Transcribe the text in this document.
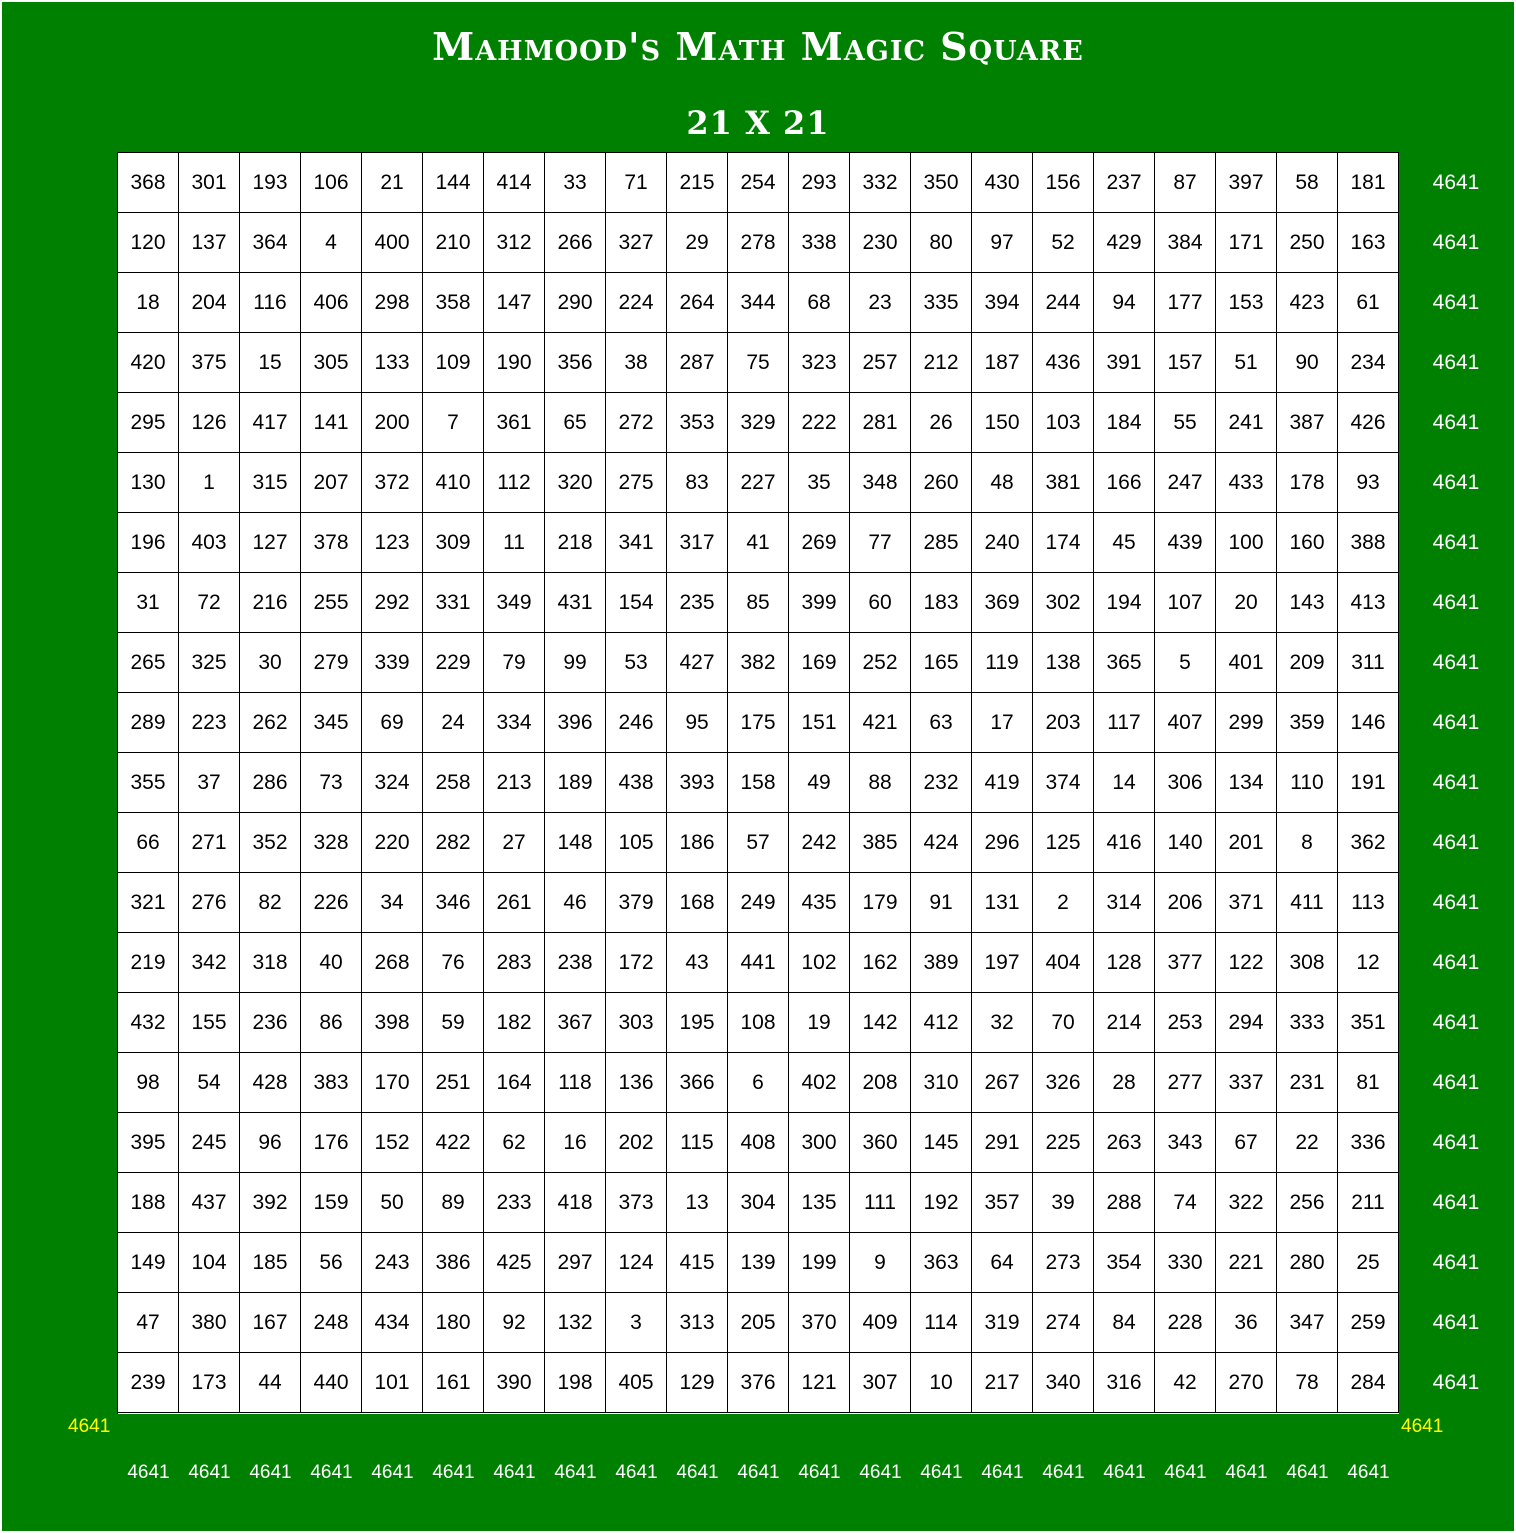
Mahmood's Math Magic Square
21 X 21
368	301	193	106	21	144	414	33	71	215	254	293	332	350	430	156	237	87	397	58	181
120	137	364	4	400	210	312	266	327	29	278	338	230	80	97	52	429	384	171	250	163
18	204	116	406	298	358	147	290	224	264	344	68	23	335	394	244	94	177	153	423	61
420	375	15	305	133	109	190	356	38	287	75	323	257	212	187	436	391	157	51	90	234
295	126	417	141	200	7	361	65	272	353	329	222	281	26	150	103	184	55	241	387	426
130	1	315	207	372	410	112	320	275	83	227	35	348	260	48	381	166	247	433	178	93
196	403	127	378	123	309	11	218	341	317	41	269	77	285	240	174	45	439	100	160	388
31	72	216	255	292	331	349	431	154	235	85	399	60	183	369	302	194	107	20	143	413
265	325	30	279	339	229	79	99	53	427	382	169	252	165	119	138	365	5	401	209	311
289	223	262	345	69	24	334	396	246	95	175	151	421	63	17	203	117	407	299	359	146
355	37	286	73	324	258	213	189	438	393	158	49	88	232	419	374	14	306	134	110	191
66	271	352	328	220	282	27	148	105	186	57	242	385	424	296	125	416	140	201	8	362
321	276	82	226	34	346	261	46	379	168	249	435	179	91	131	2	314	206	371	411	113
219	342	318	40	268	76	283	238	172	43	441	102	162	389	197	404	128	377	122	308	12
432	155	236	86	398	59	182	367	303	195	108	19	142	412	32	70	214	253	294	333	351
98	54	428	383	170	251	164	118	136	366	6	402	208	310	267	326	28	277	337	231	81
395	245	96	176	152	422	62	16	202	115	408	300	360	145	291	225	263	343	67	22	336
188	437	392	159	50	89	233	418	373	13	304	135	111	192	357	39	288	74	322	256	211
149	104	185	56	243	386	425	297	124	415	139	199	9	363	64	273	354	330	221	280	25
47	380	167	248	434	180	92	132	3	313	205	370	409	114	319	274	84	228	36	347	259
239	173	44	440	101	161	390	198	405	129	376	121	307	10	217	340	316	42	270	78	284
4641
4641
4641
4641
4641
4641
4641
4641
4641
4641
4641
4641
4641
4641
4641
4641
4641
4641
4641
4641
4641
4641 4641 4641 4641 4641 4641 4641 4641 4641 4641 4641 4641 4641 4641 4641 4641 4641 4641 4641 4641 4641
4641	4641
